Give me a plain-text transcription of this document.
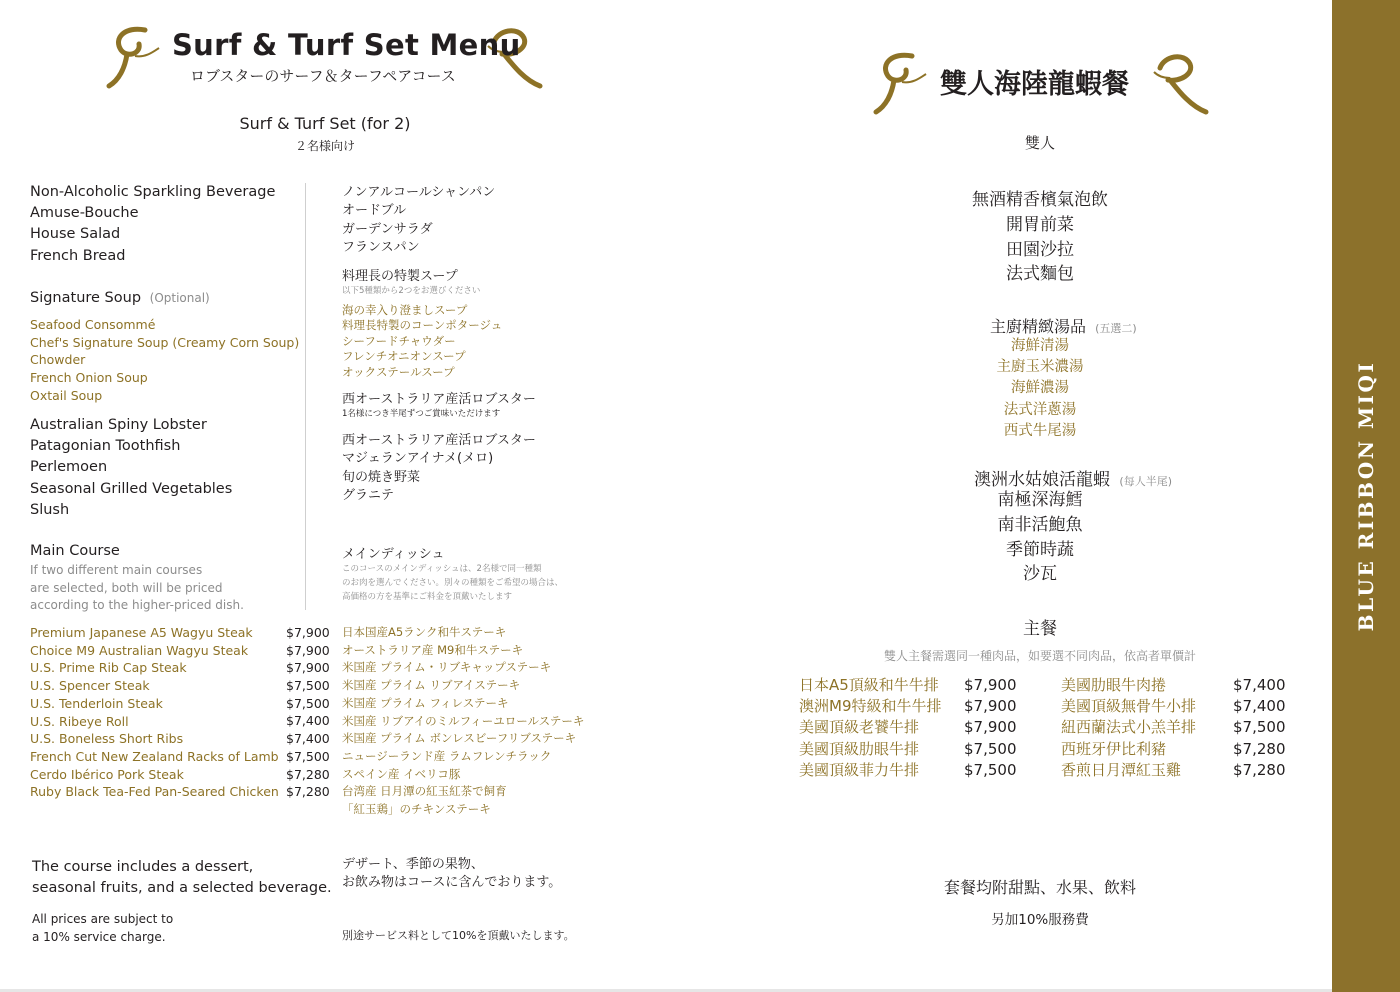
Surf & Turf Set Menu
ロブスターのサーフ＆ターフペアコース
Surf & Turf Set (for 2)
２名様向け
Non-Alcoholic Sparkling Beverage
Amuse-Bouche
House Salad
French Bread
ノンアルコールシャンパン
オードブル
ガーデンサラダ
フランスパン
Signature Soup (Optional)
料理長の特製スープ
以下5種類から2つをお選びください
Seafood Consommé
Chef's Signature Soup (Creamy Corn Soup)
Chowder
French Onion Soup
Oxtail Soup
海の幸入り澄ましスープ
料理長特製のコーンポタージュ
シーフードチャウダー
フレンチオニオンスープ
オックステールスープ
西オーストラリア産活ロブスター
1名様につき半尾ずつご賞味いただけます
Australian Spiny Lobster
Patagonian Toothfish
Perlemoen
Seasonal Grilled Vegetables
Slush
西オーストラリア産活ロブスター
マジェランアイナメ(メロ)
旬の焼き野菜
グラニテ
Main Course
If two different main courses
are selected, both will be priced
according to the higher-priced dish.
メインディッシュ
このコースのメインディッシュは、2名様で同一種類
のお肉を選んでください。別々の種類をご希望の場合は、
高価格の方を基準にご料金を頂戴いたします
Premium Japanese A5 Wagyu Steak
Choice M9 Australian Wagyu Steak
U.S. Prime Rib Cap Steak
U.S. Spencer Steak
U.S. Tenderloin Steak
U.S. Ribeye Roll
U.S. Boneless Short Ribs
French Cut New Zealand Racks of Lamb
Cerdo Ibérico Pork Steak
Ruby Black Tea-Fed Pan-Seared Chicken
$7,900
$7,900
$7,900
$7,500
$7,500
$7,400
$7,400
$7,500
$7,280
$7,280
日本国産A5ランク和牛ステーキ
オーストラリア産 M9和牛ステーキ
米国産 プライム・リブキャップステーキ
米国産 プライム リブアイステーキ
米国産 プライム フィレステーキ
米国産 リブアイのミルフィーユロールステーキ
米国産 プライム ボンレスビーフリブステーキ
ニュージーランド産 ラムフレンチラック
スペイン産 イベリコ豚
台湾産 日月潭の紅玉紅茶で飼育
「紅玉鶏」のチキンステーキ
The course includes a dessert,
seasonal fruits, and a selected beverage.
デザート、季節の果物、
お飲み物はコースに含んでおります。
All prices are subject to
a 10% service charge.	別途サービス料として10%を頂戴いたします。
雙人海陸龍蝦餐
雙人
無酒精香檳氣泡飲
開胃前菜
田園沙拉
法式麵包
主廚精緻湯品 (五選二)
海鮮清湯
主廚玉米濃湯
海鮮濃湯
法式洋蔥湯
西式牛尾湯
澳洲水姑娘活龍蝦 (每人半尾)
南極深海鱈
南非活鮑魚
季節時蔬
沙瓦
主餐
雙人主餐需選同一種肉品，如要選不同肉品，依高者單價計
日本A5頂級和牛牛排
澳洲M9特級和牛牛排
美國頂級老饕牛排
美國頂級肋眼牛排
美國頂級菲力牛排
$7,900
$7,900
$7,900
$7,500
$7,500
美國肋眼牛肉捲
美國頂級無骨牛小排
紐西蘭法式小羔羊排
西班牙伊比利豬
香煎日月潭紅玉雞
$7,400
$7,400
$7,500
$7,280
$7,280
套餐均附甜點、水果、飲料
另加10%服務費
BLUE RIBBON MIQI
